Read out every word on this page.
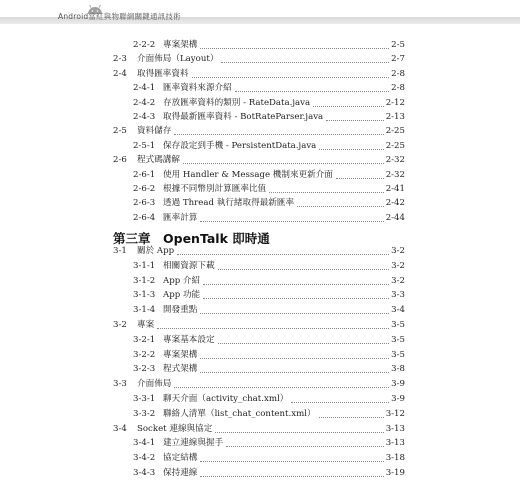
Android當紅與物聯網關鍵通訊技術
2-2-2 專案架構	2-5
2-3	介面佈局（Layout）	2-7
2-4	取得匯率資料	2-8
2-4-1 匯率資料來源介紹	2-8
2-4-2 存放匯率資料的類別 - RateData.java	2-12
2-4-3 取得最新匯率資料 - BotRateParser.java	2-13
2-5	資料儲存	2-25
2-5-1 保存設定到手機 - PersistentData.java	2-25
2-6	程式碼講解	2-32
2-6-1 使用 Handler & Message 機制來更新介面	2-32
2-6-2 根據不同幣別計算匯率比值	2-41
2-6-3 透過 Thread 執行緒取得最新匯率	2-42
2-6-4 匯率計算	2-44
第三章　OpenTalk 即時通
3-1	關於 App	3-2
3-1-1 相關資源下載	3-2
3-1-2 App 介紹	3-2
3-1-3 App 功能	3-3
3-1-4 開發重點	3-4
3-2	專案	3-5
3-2-1 專案基本設定	3-5
3-2-2 專案架構	3-5
3-2-3 程式架構	3-8
3-3	介面佈局	3-9
3-3-1 聊天介面（activity_chat.xml）	3-9
3-3-2 聯絡人清單（list_chat_content.xml）	3-12
3-4	Socket 連線與協定	3-13
3-4-1 建立連線與握手	3-13
3-4-2 協定結構	3-18
3-4-3 保持連線	3-19
